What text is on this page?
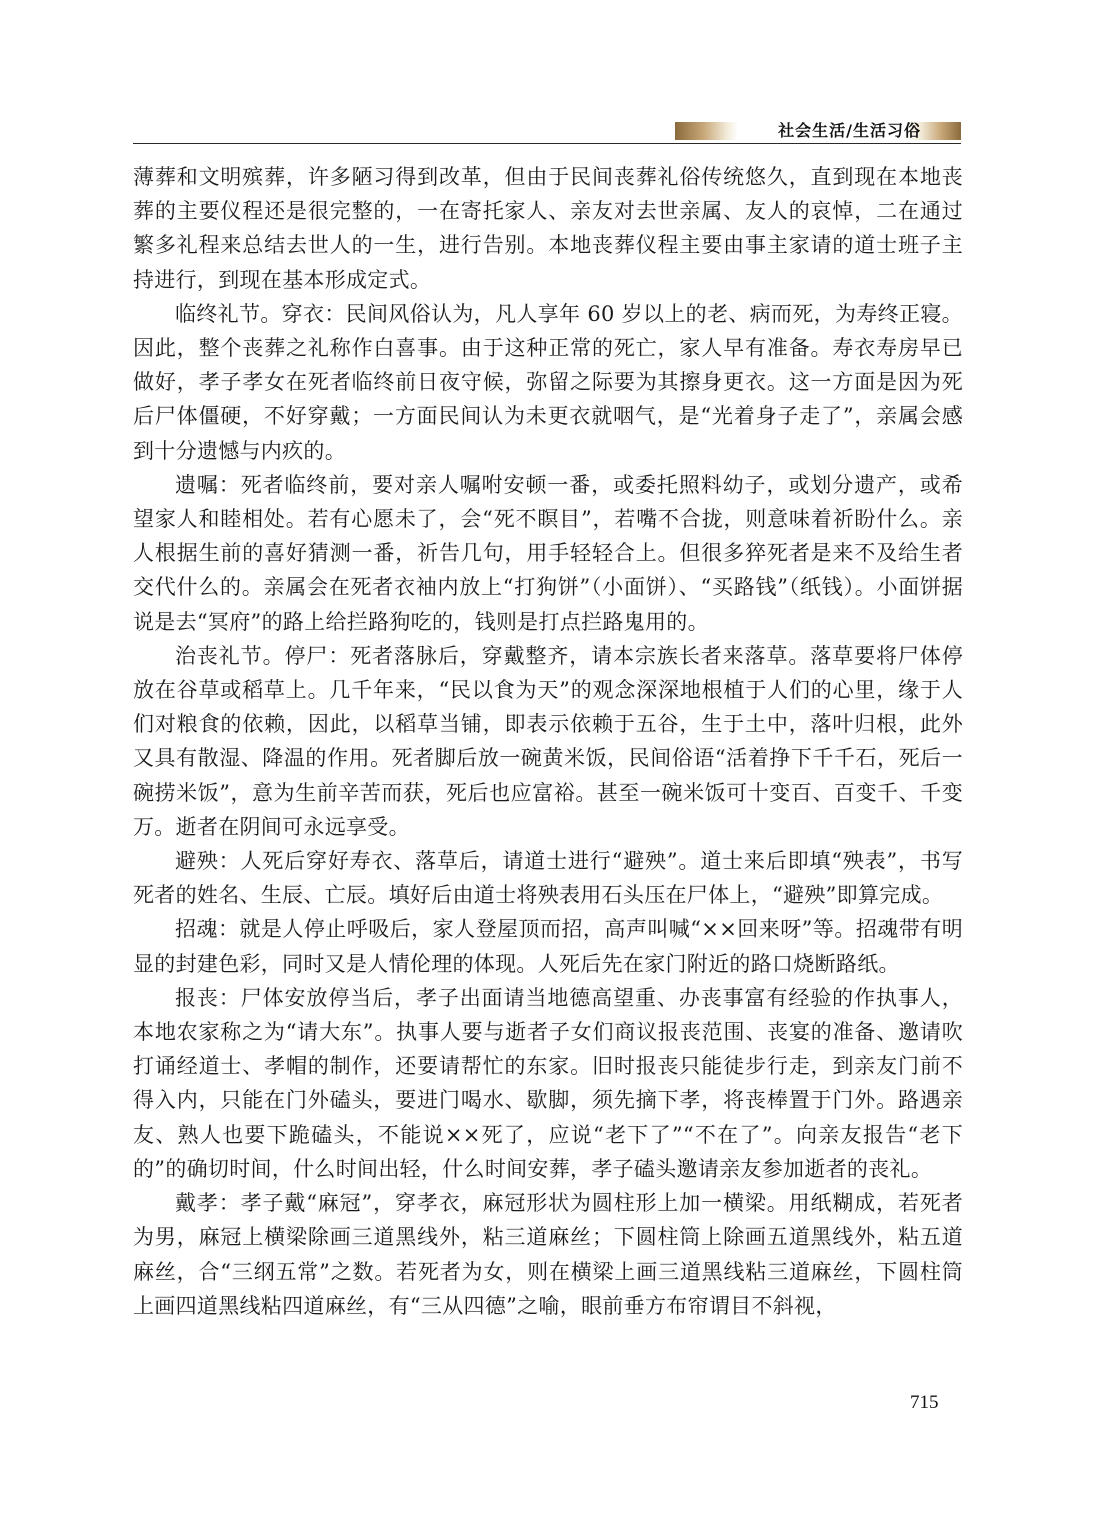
社会生活/生活习俗

薄葬和文明殡葬，许多陋习得到改革，但由于民间丧葬礼俗传统悠久，直到现在本地丧葬的主要仪程还是很完整的，一在寄托家人、亲友对去世亲属、友人的哀悼，二在通过繁多礼程来总结去世人的一生，进行告别。本地丧葬仪程主要由事主家请的道士班子主持进行，到现在基本形成定式。

临终礼节。穿衣：民间风俗认为，凡人享年 60 岁以上的老、病而死，为寿终正寝。因此，整个丧葬之礼称作白喜事。由于这种正常的死亡，家人早有准备。寿衣寿房早已做好，孝子孝女在死者临终前日夜守候，弥留之际要为其擦身更衣。这一方面是因为死后尸体僵硬，不好穿戴；一方面民间认为未更衣就咽气，是“光着身子走了”，亲属会感到十分遗憾与内疚的。

遗嘱：死者临终前，要对亲人嘱咐安顿一番，或委托照料幼子，或划分遗产，或希望家人和睦相处。若有心愿未了，会“死不瞑目”，若嘴不合拢，则意味着祈盼什么。亲人根据生前的喜好猜测一番，祈告几句，用手轻轻合上。但很多猝死者是来不及给生者交代什么的。亲属会在死者衣袖内放上“打狗饼”（小面饼）、“买路钱”（纸钱）。小面饼据说是去“冥府”的路上给拦路狗吃的，钱则是打点拦路鬼用的。

治丧礼节。停尸：死者落脉后，穿戴整齐，请本宗族长者来落草。落草要将尸体停放在谷草或稻草上。几千年来，“民以食为天”的观念深深地根植于人们的心里，缘于人们对粮食的依赖，因此，以稻草当铺，即表示依赖于五谷，生于土中，落叶归根，此外又具有散湿、降温的作用。死者脚后放一碗黄米饭，民间俗语“活着挣下千千石，死后一碗捞米饭”，意为生前辛苦而获，死后也应富裕。甚至一碗米饭可十变百、百变千、千变万。逝者在阴间可永远享受。

避殃：人死后穿好寿衣、落草后，请道士进行“避殃”。道士来后即填“殃表”，书写死者的姓名、生辰、亡辰。填好后由道士将殃表用石头压在尸体上，“避殃”即算完成。

招魂：就是人停止呼吸后，家人登屋顶而招，高声叫喊“××回来呀”等。招魂带有明显的封建色彩，同时又是人情伦理的体现。人死后先在家门附近的路口烧断路纸。

报丧：尸体安放停当后，孝子出面请当地德高望重、办丧事富有经验的作执事人，本地农家称之为“请大东”。执事人要与逝者子女们商议报丧范围、丧宴的准备、邀请吹打诵经道士、孝帽的制作，还要请帮忙的东家。旧时报丧只能徒步行走，到亲友门前不得入内，只能在门外磕头，要进门喝水、歇脚，须先摘下孝，将丧棒置于门外。路遇亲友、熟人也要下跪磕头，不能说××死了，应说“老下了”“不在了”。向亲友报告“老下的”的确切时间，什么时间出轻，什么时间安葬，孝子磕头邀请亲友参加逝者的丧礼。

戴孝：孝子戴“麻冠”，穿孝衣，麻冠形状为圆柱形上加一横梁。用纸糊成，若死者为男，麻冠上横梁除画三道黑线外，粘三道麻丝；下圆柱筒上除画五道黑线外，粘五道麻丝，合“三纲五常”之数。若死者为女，则在横梁上画三道黑线粘三道麻丝，下圆柱筒上画四道黑线粘四道麻丝，有“三从四德”之喻，眼前垂方布帘谓目不斜视，

715
